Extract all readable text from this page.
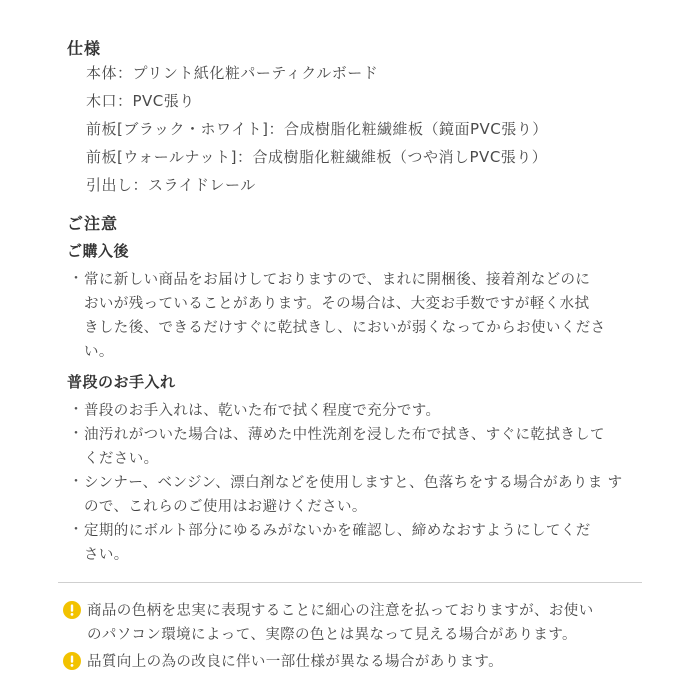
仕様
本体：プリント紙化粧パーティクルボード
木口：PVC張り
前板[ブラック・ホワイト]：合成樹脂化粧繊維板（鏡面PVC張り）
前板[ウォールナット]：合成樹脂化粧繊維板（つや消しPVC張り）
引出し：スライドレール
ご注意
ご購入後
・ 常に新しい商品をお届けしておりますので、まれに開梱後、接着剤などのに
おいが残っていることがあります。その場合は、大変お手数ですが軽く水拭
きした後、できるだけすぐに乾拭きし、においが弱くなってからお使いくださ
い。
普段のお手入れ
・ 普段のお手入れは、乾いた布で拭く程度で充分です。
・ 油汚れがついた場合は、薄めた中性洗剤を浸した布で拭き、すぐに乾拭きして
ください。
・ シンナー、ベンジン、漂白剤などを使用しますと、色落ちをする場合がありま す
ので、これらのご使用はお避けください。
・ 定期的にボルト部分にゆるみがないかを確認し、締めなおすようにしてくだ
さい。
商品の色柄を忠実に表現することに細心の注意を払っておりますが、お使い
のパソコン環境によって、実際の色とは異なって見える場合があります。
品質向上の為の改良に伴い一部仕様が異なる場合があります。
